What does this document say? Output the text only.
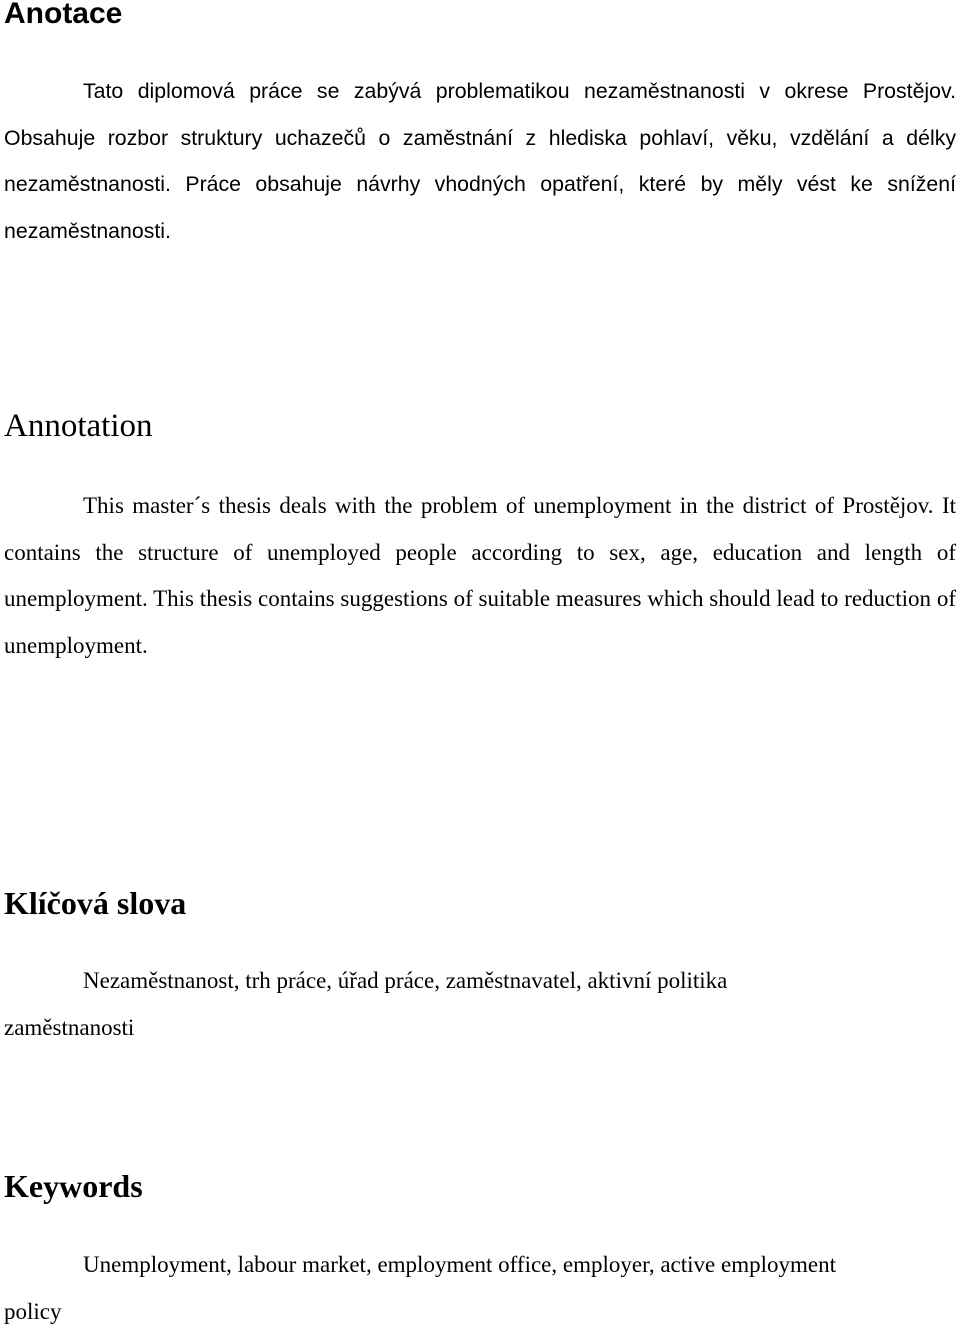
Anotace

Tato diplomová práce se zabývá problematikou nezaměstnanosti v okrese Prostějov. Obsahuje rozbor struktury uchazečů o zaměstnání z hlediska pohlaví, věku, vzdělání a délky nezaměstnanosti. Práce obsahuje návrhy vhodných opatření, které by měly vést ke snížení nezaměstnanosti.

Annotation

This master´s thesis deals with the problem of unemployment in the district of Prostějov. It contains the structure of unemployed people according to sex, age, education and length of unemployment. This thesis contains suggestions of suitable measures which should lead to reduction of unemployment.

Klíčová slova

Nezaměstnanost, trh práce, úřad práce, zaměstnavatel, aktivní politika zaměstnanosti

Keywords

Unemployment, labour market, employment office, employer, active employment policy
